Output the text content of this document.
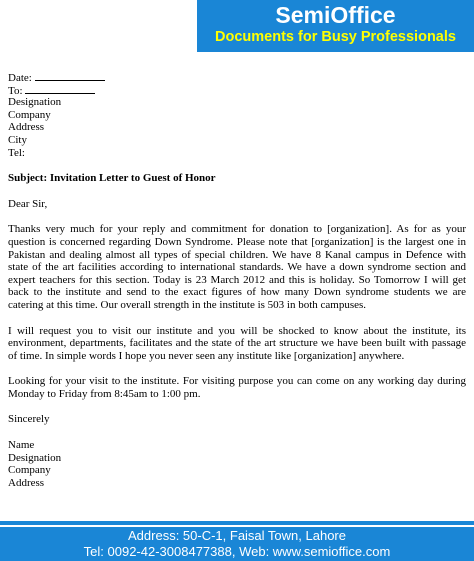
SemiOffice
Documents for Busy Professionals
Date:
To:
Designation
Company
Address
City
Tel:
Subject: Invitation Letter to Guest of Honor
Dear Sir,
Thanks very much for your reply and commitment for donation to [organization]. As for as your question is concerned regarding Down Syndrome. Please note that [organization] is the largest one in Pakistan and dealing almost all types of special children. We have 8 Kanal campus in Defence with state of the art facilities according to international standards. We have a down syndrome section and expert teachers for this section. Today is 23 March 2012 and this is holiday. So Tomorrow I will get back to the institute and send to the exact figures of how many Down syndrome students we are catering at this time. Our overall strength in the institute is 503 in both campuses.
I will request you to visit our institute and you will be shocked to know about the institute, its environment, departments, facilitates and the state of the art structure we have been built with passage of time. In simple words I hope you never seen any institute like [organization] anywhere.
Looking for your visit to the institute. For visiting purpose you can come on any working day during Monday to Friday from 8:45am to 1:00 pm.
Sincerely
Name
Designation
Company
Address
Address: 50-C-1, Faisal Town, Lahore
Tel: 0092-42-3008477388, Web: www.semioffice.com
